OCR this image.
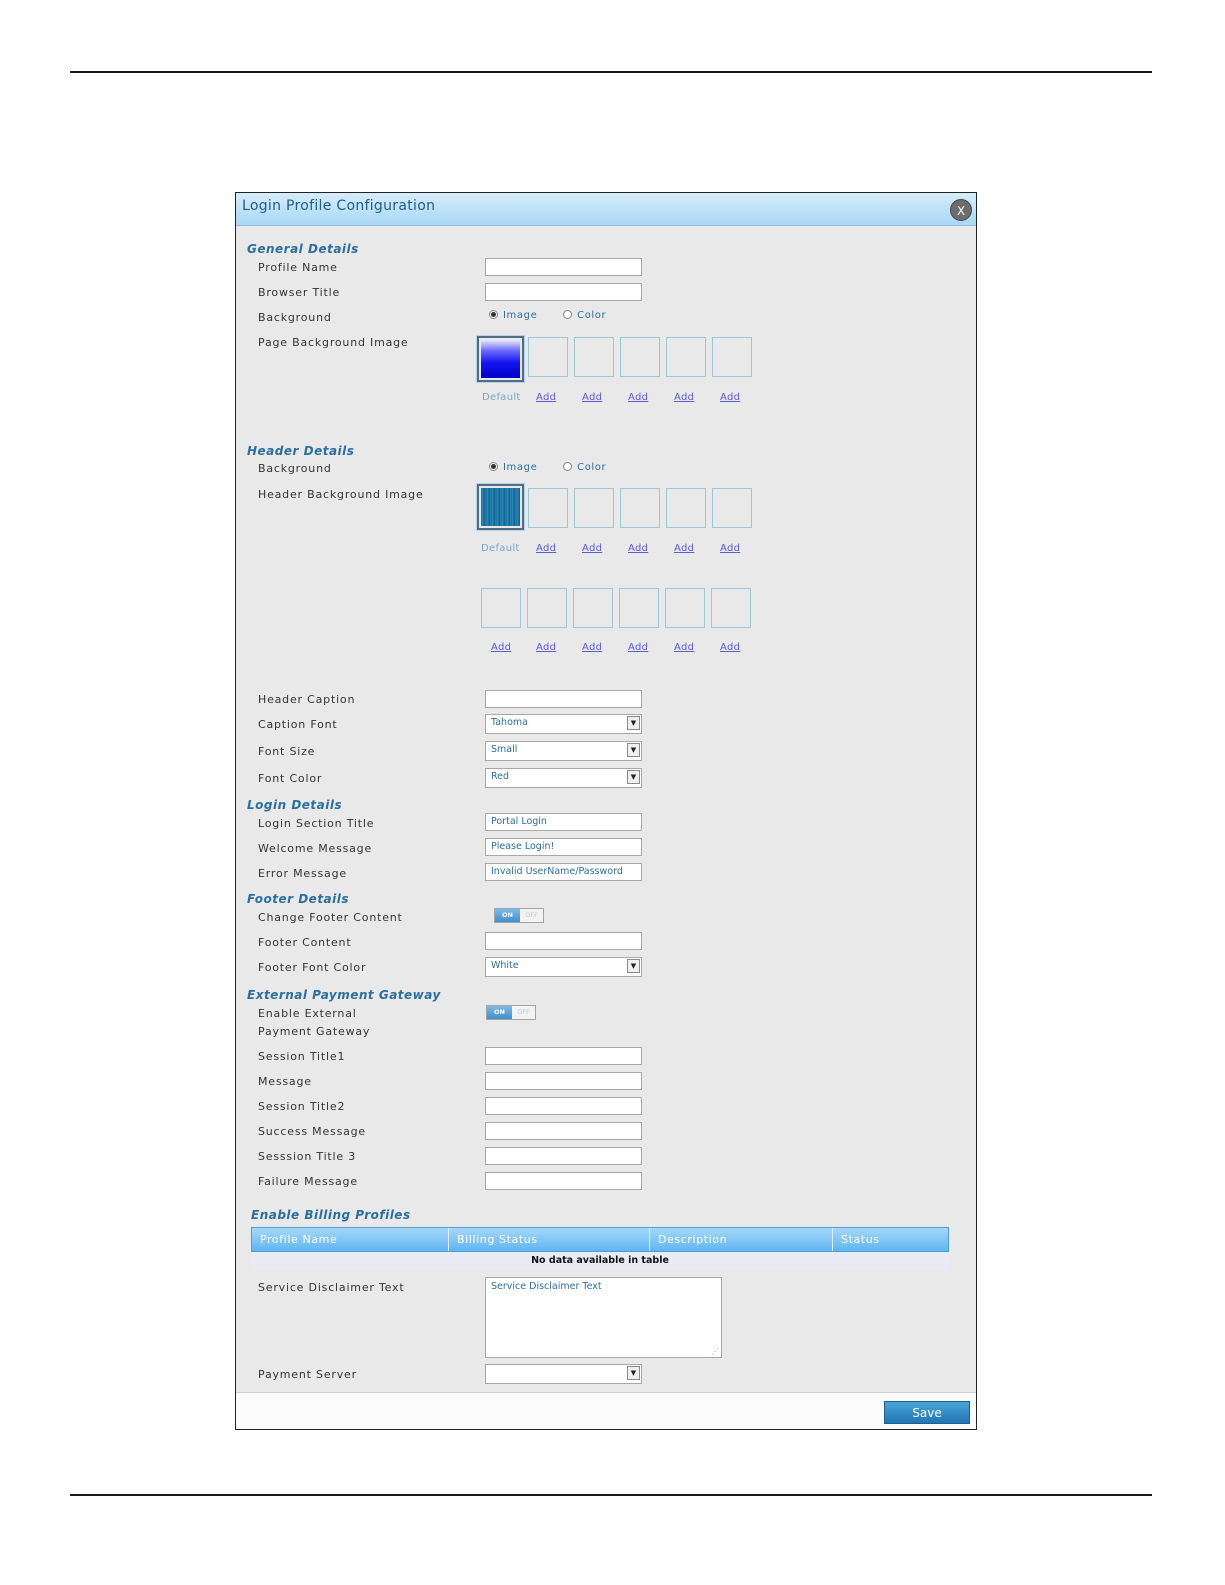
Login Profile Configuration	X
General Details
Profile Name
Browser Title
Background	Image	Color
Page Background Image
Default Add	Add	Add	Add	Add
Header Details
Background	Image	Color
Header Background Image
Default Add	Add	Add	Add	Add
Add Add	Add	Add	Add	Add
Header Caption
Caption Font	Tahoma	▼
Font Size	Small	▼
Font Color	Red	▼
Login Details
Login Section Title	Portal Login
Welcome Message	Please Login!
Error Message	Invalid UserName/Password
Footer Details
Change Footer Content	ON	OFF
Footer Content
Footer Font Color	White	▼
External Payment Gateway
Enable External
Payment Gateway
ON	OFF
Session Title1
Message
Session Title2
Success Message
Sesssion Title 3
Failure Message
Enable Billing Profiles
Profile Name	Billing Status	Description	Status
No data available in table
Service Disclaimer Text	Service Disclaimer Text
⋰
Payment Server	▼
Save
